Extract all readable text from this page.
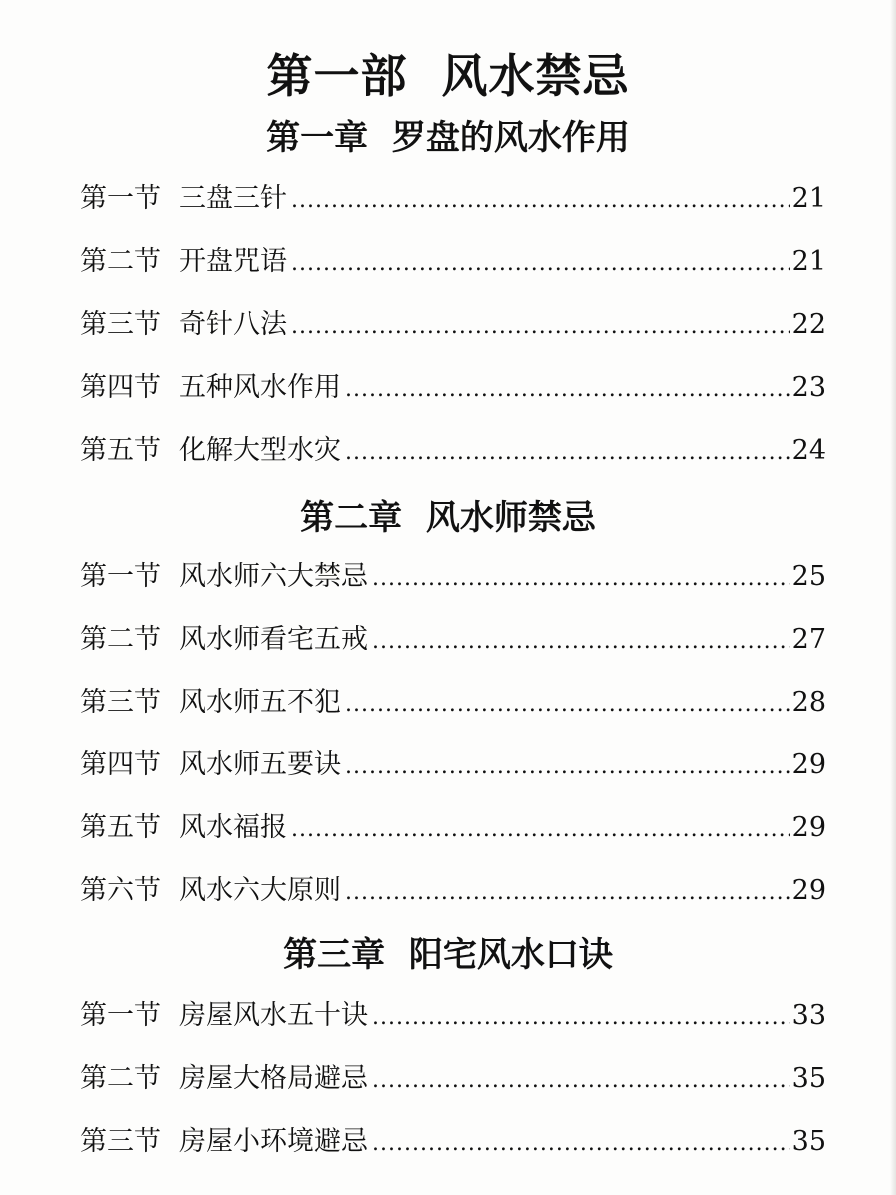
第一部  风水禁忌
第一章  罗盘的风水作用
第一节 三盘三针 .....	21
第二节 开盘咒语 .....	21
第三节 奇针八法 .....	22
第四节 五种风水作用 .....	23
第五节 化解大型水灾 .....	24
第二章  风水师禁忌
第一节 风水师六大禁忌 .....	25
第二节 风水师看宅五戒 .....	27
第三节 风水师五不犯 .....	28
第四节 风水师五要诀 .....	29
第五节 风水福报 .....	29
第六节 风水六大原则 .....	29
第三章  阳宅风水口诀
第一节 房屋风水五十诀 .....	33
第二节 房屋大格局避忌 .....	35
第三节 房屋小环境避忌 .....	35
